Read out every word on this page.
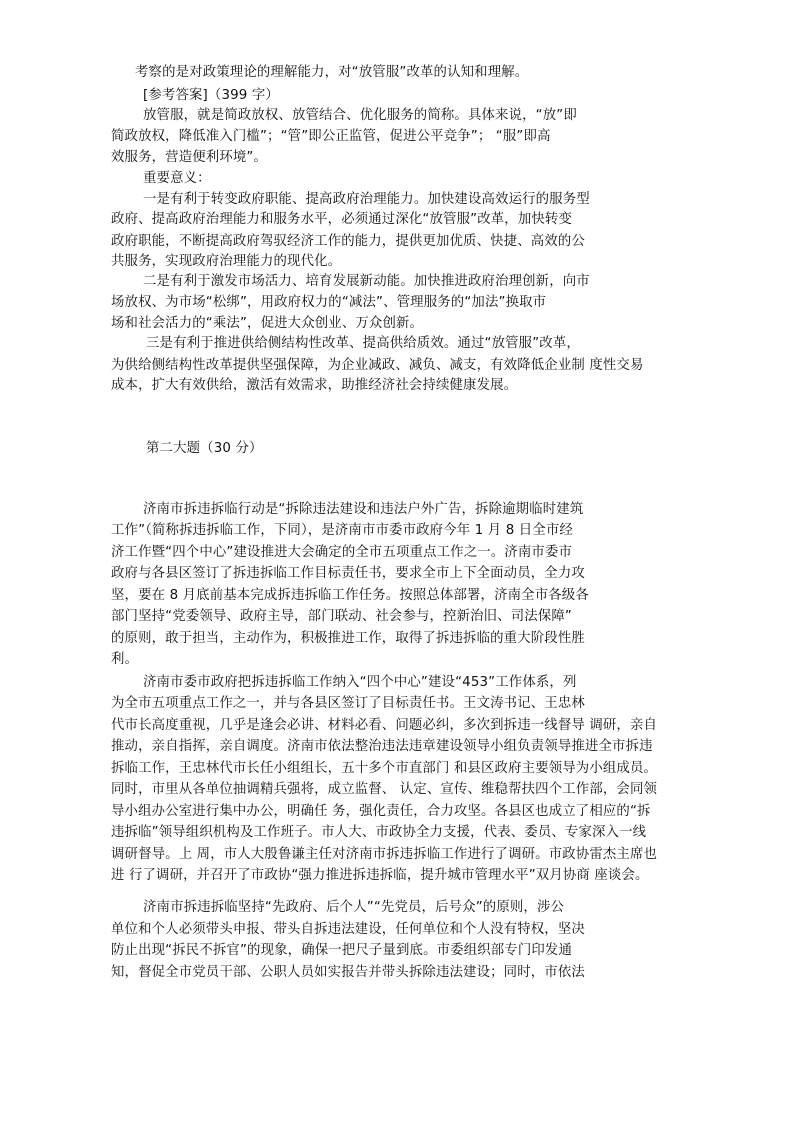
考察的是对政策理论的理解能力，对“放管服”改革的认知和理解。
[参考答案]（399 字）
放管服，就是简政放权、放管结合、优化服务的简称。具体来说，“放”即
简政放权，降低准入门槛”；“管”即公正监管，促进公平竞争”； “服”即高
效服务，营造便利环境”。
重要意义：
一是有利于转变政府职能、提高政府治理能力。加快建设高效运行的服务型
政府、提高政府治理能力和服务水平，必须通过深化“放管服”改革，加快转变
政府职能，不断提高政府驾驭经济工作的能力，提供更加优质、快捷、高效的公
共服务，实现政府治理能力的现代化。
二是有利于激发市场活力、培育发展新动能。加快推进政府治理创新，向市
场放权、为市场“松绑”，用政府权力的“减法”、管理服务的“加法”换取市
场和社会活力的“乘法”，促进大众创业、万众创新。
三是有利于推进供给侧结构性改革、提高供给质效。通过“放管服”改革，
为供给侧结构性改革提供坚强保障，为企业减政、减负、减支，有效降低企业制 度性交易
成本，扩大有效供给，激活有效需求，助推经济社会持续健康发展。
第二大题（30 分）
济南市拆违拆临行动是“拆除违法建设和违法户外广告，拆除逾期临时建筑
工作”（简称拆违拆临工作，下同），是济南市市委市政府今年 1 月 8 日全市经
济工作暨“四个中心”建设推进大会确定的全市五项重点工作之一。济南市委市
政府与各县区签订了拆违拆临工作目标责任书，要求全市上下全面动员，全力攻
坚，要在 8 月底前基本完成拆违拆临工作任务。按照总体部署，济南全市各级各
部门坚持“党委领导、政府主导，部门联动、社会参与，控新治旧、司法保障”
的原则，敢于担当，主动作为，积极推进工作，取得了拆违拆临的重大阶段性胜
利。
济南市委市政府把拆违拆临工作纳入“四个中心”建设“453”工作体系，列
为全市五项重点工作之一，并与各县区签订了目标责任书。王文涛书记、王忠林
代市长高度重视，几乎是逢会必讲、材料必看、问题必纠，多次到拆违一线督导 调研，亲自
推动，亲自指挥，亲自调度。济南市依法整治违法违章建设领导小组负责领导推进全市拆违
拆临工作，王忠林代市长任小组组长，五十多个市直部门 和县区政府主要领导为小组成员。
同时，市里从各单位抽调精兵强将，成立监督、 认定、宣传、维稳帮扶四个工作部，会同领
导小组办公室进行集中办公，明确任 务，强化责任，合力攻坚。各县区也成立了相应的“拆
违拆临”领导组织机构及工作班子。市人大、市政协全力支援，代表、委员、专家深入一线
调研督导。上 周，市人大殷鲁谦主任对济南市拆违拆临工作进行了调研。市政协雷杰主席也
进 行了调研，并召开了市政协“强力推进拆违拆临，提升城市管理水平”双月协商 座谈会。
济南市拆违拆临坚持“先政府、后个人”“先党员，后号众”的原则，涉公
单位和个人必须带头申报、带头自拆违法建设，任何单位和个人没有特权，坚决
防止出现“拆民不拆官”的现象，确保一把尺子量到底。市委组织部专门印发通
知，督促全市党员干部、公职人员如实报告并带头拆除违法建设；同时，市依法
